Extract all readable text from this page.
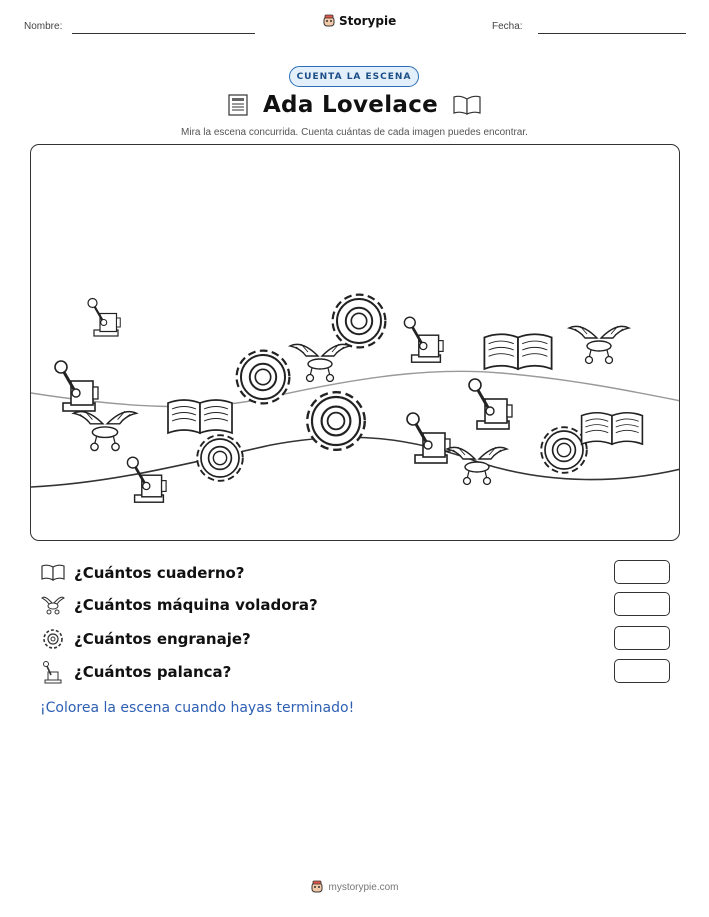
Nombre:	Storypie	Fecha:
CUENTA LA ESCENA
Ada Lovelace
Mira la escena concurrida. Cuenta cuántas de cada imagen puedes encontrar.
¿Cuántos cuaderno?
¿Cuántos máquina voladora?
¿Cuántos engranaje?
¿Cuántos palanca?
¡Colorea la escena cuando hayas terminado!
mystorypie.com
